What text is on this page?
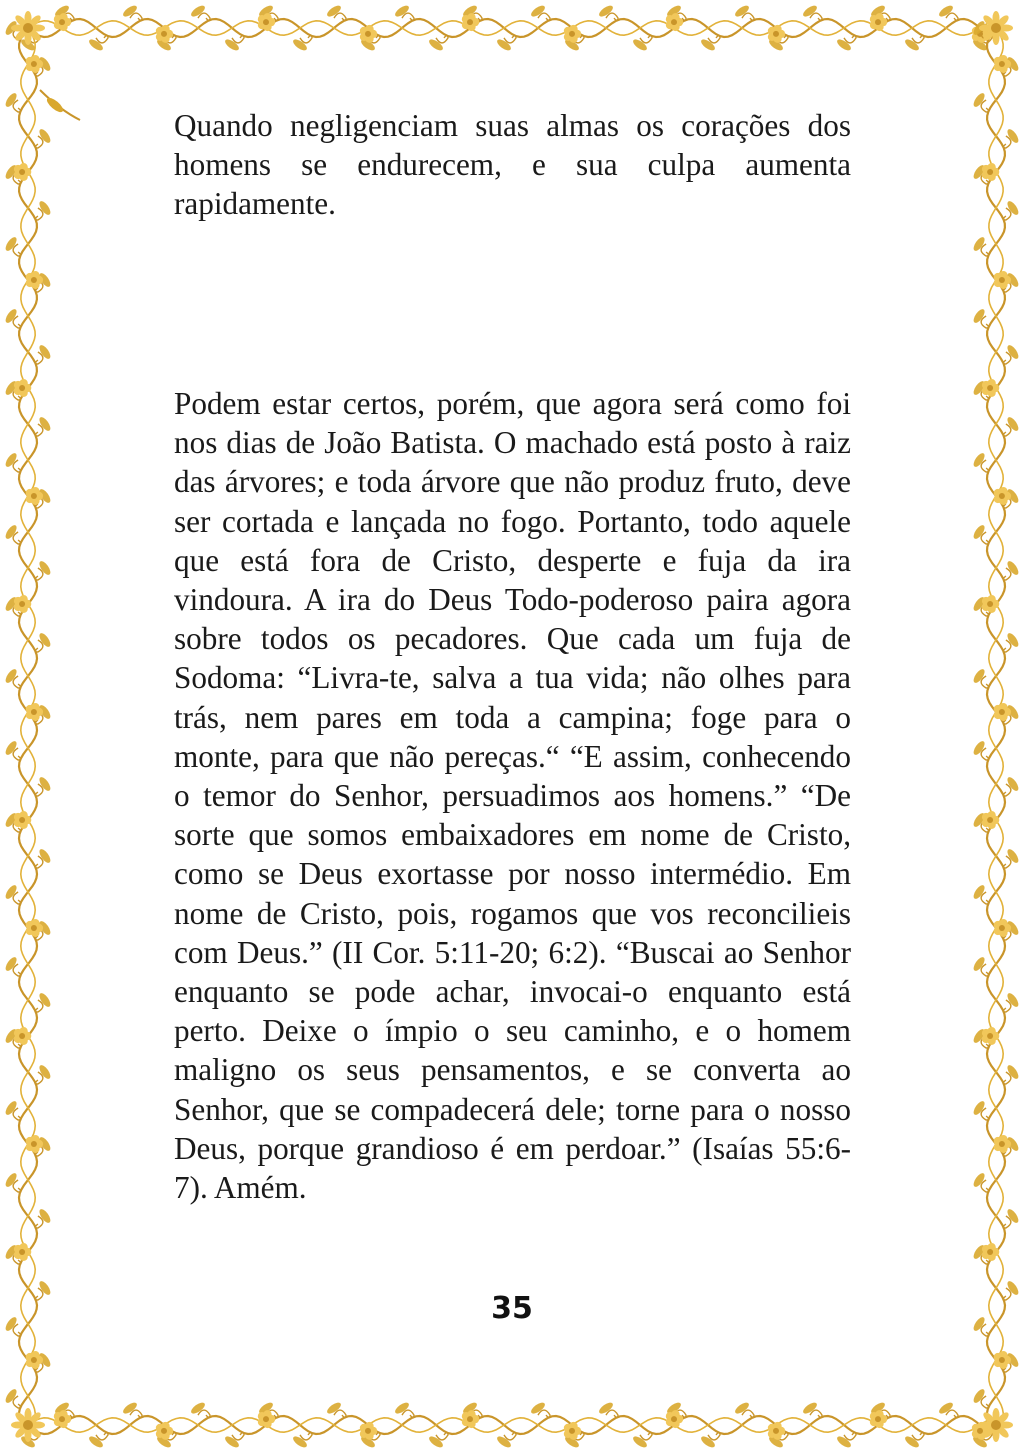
Quando negligenciam suas almas os corações dos homens se endurecem, e sua culpa aumenta rapidamente.

Podem estar certos, porém, que agora será como foi nos dias de João Batista. O machado está posto à raiz das árvores; e toda árvore que não produz fruto, deve ser cortada e lançada no fogo. Portanto, todo aquele que está fora de Cristo, desperte e fuja da ira vindoura. A ira do Deus Todo-poderoso paira agora sobre todos os pecadores. Que cada um fuja de Sodoma: “Livra-te, salva a tua vida; não olhes para trás, nem pares em toda a campina; foge para o monte, para que não pereças.“ “E assim, conhecendo o temor do Senhor, persuadimos aos homens.” “De sorte que somos embaixadores em nome de Cristo, como se Deus exortasse por nosso intermédio. Em nome de Cristo, pois, rogamos que vos reconcilieis com Deus.” (II Cor. 5:11-20; 6:2). “Buscai ao Senhor enquanto se pode achar, invocai-o enquanto está perto. Deixe o ímpio o seu caminho, e o homem maligno os seus pensamentos, e se converta ao Senhor, que se compadecerá dele; torne para o nosso Deus, porque grandioso é em perdoar.” (Isaías 55:6-7). Amém.

35
